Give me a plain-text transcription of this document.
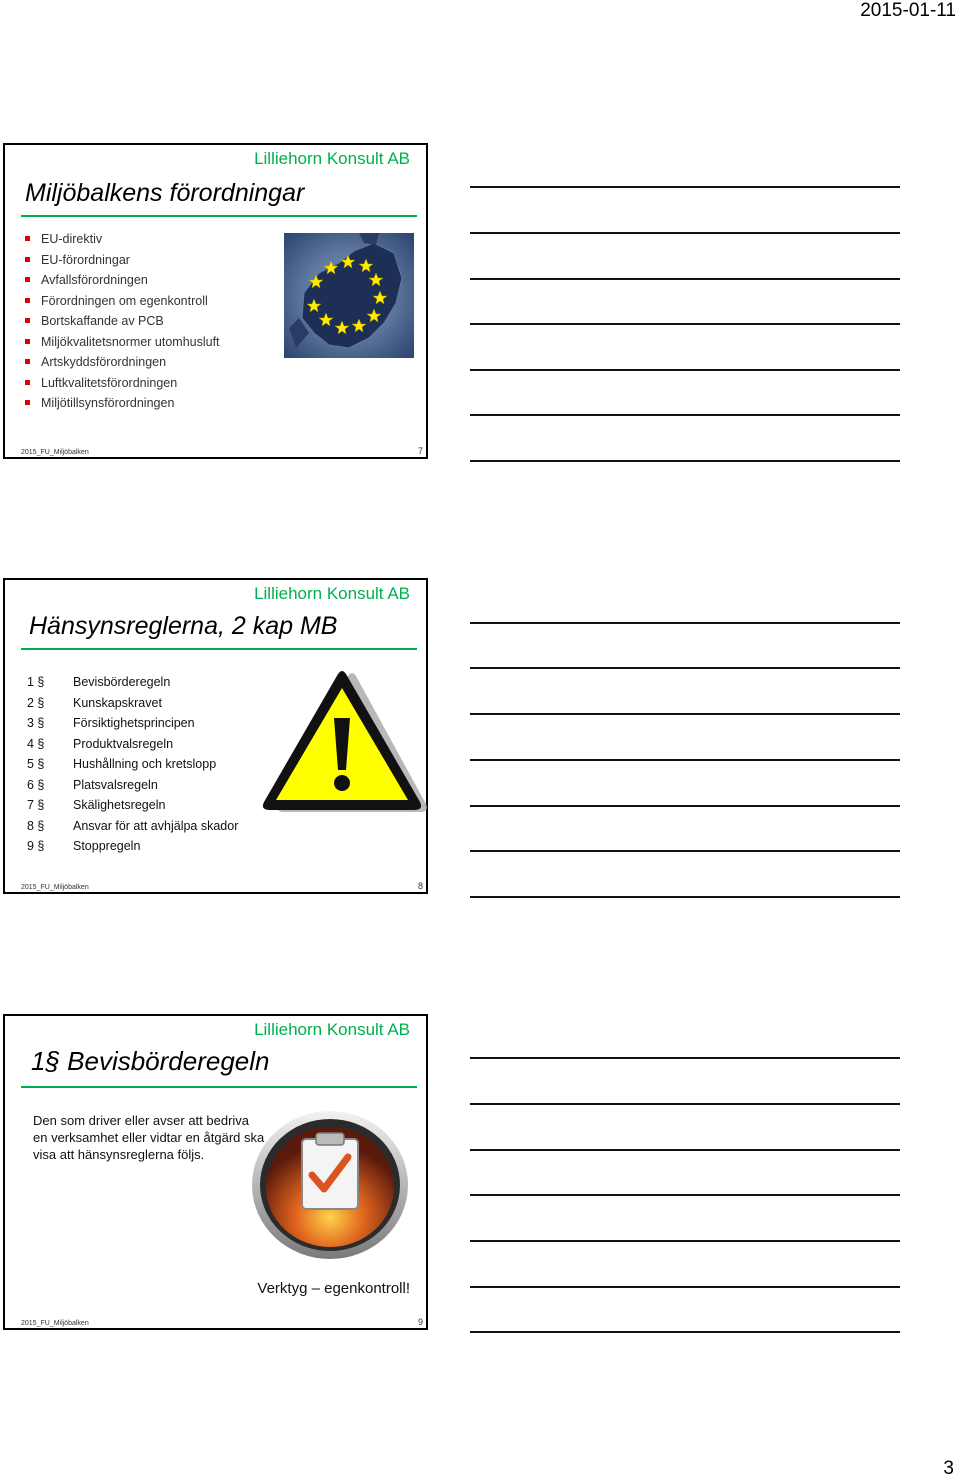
2015-01-11
Lilliehorn Konsult AB
Miljöbalkens förordningar
EU-direktiv
EU-förordningar
Avfallsförordningen
Förordningen om egenkontroll
Bortskaffande av PCB
Miljökvalitetsnormer utomhusluft
Artskyddsförordningen
Luftkvalitetsförordningen
Miljötillsynsförordningen
2015_FU_Miljöbalken	7
Lilliehorn Konsult AB
Hänsynsreglerna, 2 kap MB
1 §	Bevisbörderegeln
2 §	Kunskapskravet
3 §	Försiktighetsprincipen
4 §	Produktvalsregeln
5 §	Hushållning och kretslopp
6 §	Platsvalsregeln
7 §	Skälighetsregeln
8 §	Ansvar för att avhjälpa skador
9 §	Stoppregeln
2015_FU_Miljöbalken	8
Lilliehorn Konsult AB
1§ Bevisbörderegeln
Den som driver eller avser att bedriva en verksamhet eller vidtar en åtgärd ska visa att hänsynsreglerna följs.
Verktyg – egenkontroll!
2015_FU_Miljöbalken	9
3
